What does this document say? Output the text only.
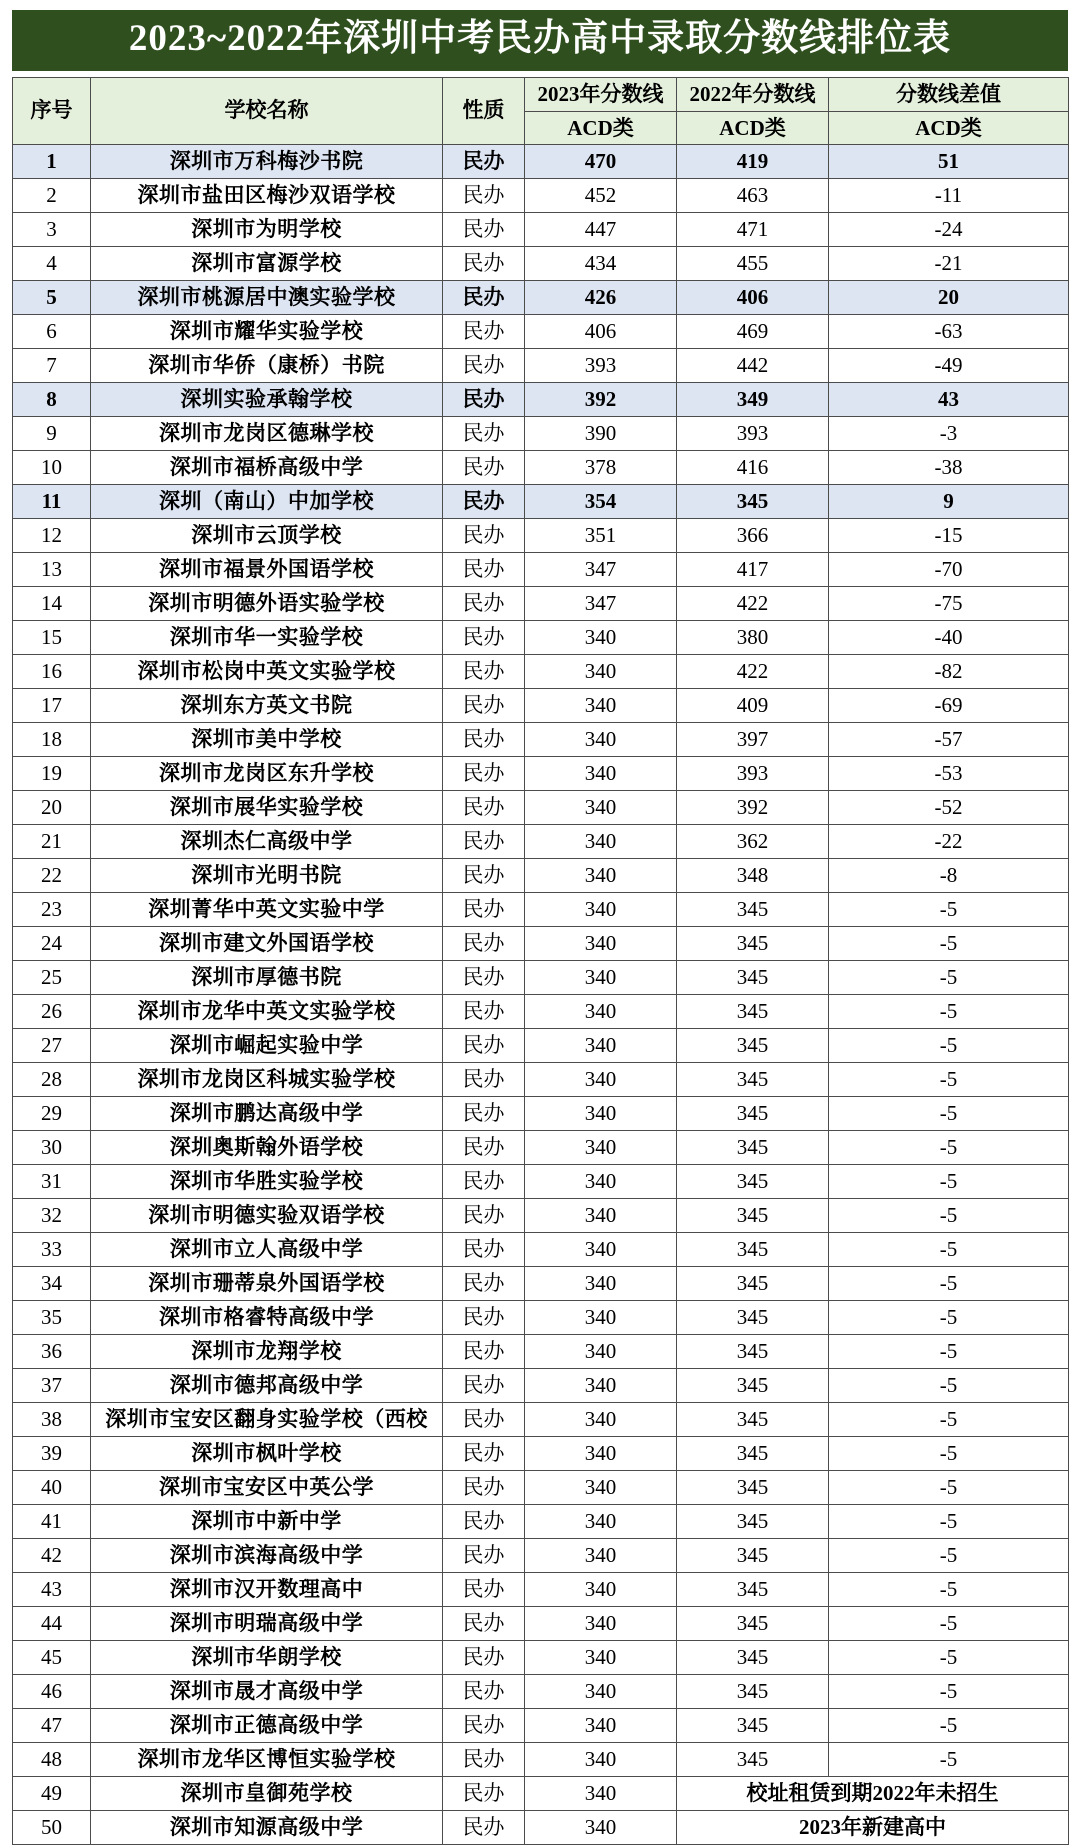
2023~2022年深圳中考民办高中录取分数线排位表
序号	学校名称	性质	2023年分数线	2022年分数线	分数线差值
			ACD类	ACD类	ACD类
1	深圳市万科梅沙书院	民办	470	419	51
2	深圳市盐田区梅沙双语学校	民办	452	463	-11
3	深圳市为明学校	民办	447	471	-24
4	深圳市富源学校	民办	434	455	-21
5	深圳市桃源居中澳实验学校	民办	426	406	20
6	深圳市耀华实验学校	民办	406	469	-63
7	深圳市华侨（康桥）书院	民办	393	442	-49
8	深圳实验承翰学校	民办	392	349	43
9	深圳市龙岗区德琳学校	民办	390	393	-3
10	深圳市福桥高级中学	民办	378	416	-38
11	深圳（南山）中加学校	民办	354	345	9
12	深圳市云顶学校	民办	351	366	-15
13	深圳市福景外国语学校	民办	347	417	-70
14	深圳市明德外语实验学校	民办	347	422	-75
15	深圳市华一实验学校	民办	340	380	-40
16	深圳市松岗中英文实验学校	民办	340	422	-82
17	深圳东方英文书院	民办	340	409	-69
18	深圳市美中学校	民办	340	397	-57
19	深圳市龙岗区东升学校	民办	340	393	-53
20	深圳市展华实验学校	民办	340	392	-52
21	深圳杰仁高级中学	民办	340	362	-22
22	深圳市光明书院	民办	340	348	-8
23	深圳菁华中英文实验中学	民办	340	345	-5
24	深圳市建文外国语学校	民办	340	345	-5
25	深圳市厚德书院	民办	340	345	-5
26	深圳市龙华中英文实验学校	民办	340	345	-5
27	深圳市崛起实验中学	民办	340	345	-5
28	深圳市龙岗区科城实验学校	民办	340	345	-5
29	深圳市鹏达高级中学	民办	340	345	-5
30	深圳奥斯翰外语学校	民办	340	345	-5
31	深圳市华胜实验学校	民办	340	345	-5
32	深圳市明德实验双语学校	民办	340	345	-5
33	深圳市立人高级中学	民办	340	345	-5
34	深圳市珊蒂泉外国语学校	民办	340	345	-5
35	深圳市格睿特高级中学	民办	340	345	-5
36	深圳市龙翔学校	民办	340	345	-5
37	深圳市德邦高级中学	民办	340	345	-5
38	深圳市宝安区翻身实验学校（西校	民办	340	345	-5
39	深圳市枫叶学校	民办	340	345	-5
40	深圳市宝安区中英公学	民办	340	345	-5
41	深圳市中新中学	民办	340	345	-5
42	深圳市滨海高级中学	民办	340	345	-5
43	深圳市汉开数理高中	民办	340	345	-5
44	深圳市明瑞高级中学	民办	340	345	-5
45	深圳市华朗学校	民办	340	345	-5
46	深圳市晟才高级中学	民办	340	345	-5
47	深圳市正德高级中学	民办	340	345	-5
48	深圳市龙华区博恒实验学校	民办	340	345	-5
49	深圳市皇御苑学校	民办	340	校址租赁到期2022年未招生	
50	深圳市知源高级中学	民办	340	2023年新建高中	
